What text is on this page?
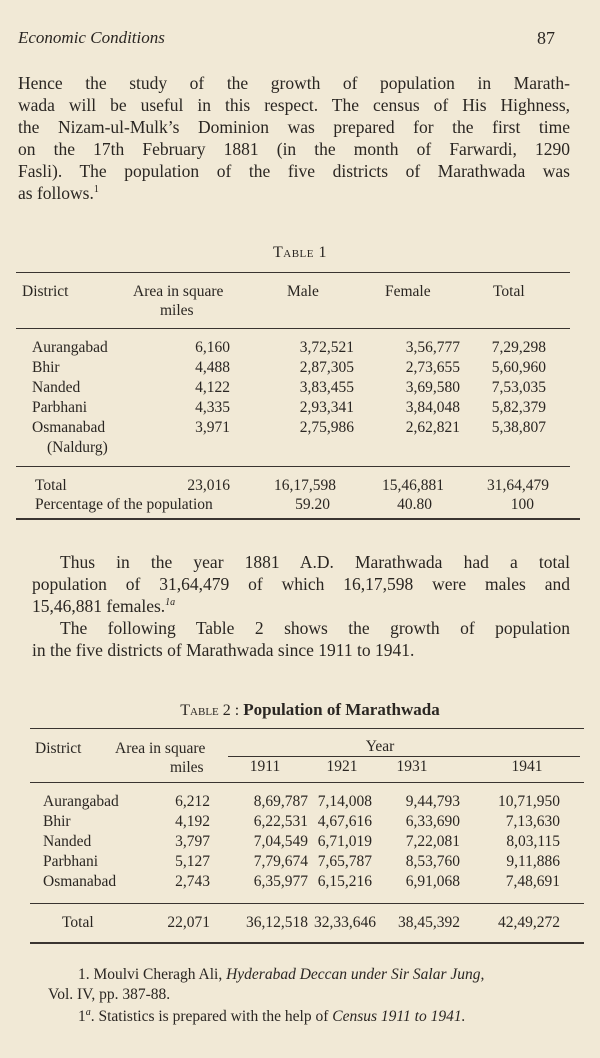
Economic Conditions	87
Hence the study of the growth of population in Marath-
wada will be useful in this respect. The census of His Highness,
the Nizam-ul-Mulk’s Dominion was prepared for the first time
on the 17th February 1881 (in the month of Farwardi, 1290
Fasli). The population of the five districts of Marathwada was
as follows.$^1$
Table 1
District	Area in square
miles
Male	Female	Total
Aurangabad	6,160	3,72,521	3,56,777	7,29,298
Bhir	4,488	2,87,305	2,73,655	5,60,960
Nanded	4,122	3,83,455	3,69,580	7,53,035
Parbhani	4,335	2,93,341	3,84,048	5,82,379
Osmanabad	3,971	2,75,986	2,62,821	5,38,807
(Naldurg)
Total	23,016	16,17,598	15,46,881	31,64,479
Percentage of the population	59.20	40.80	100
Thus in the year 1881 A.D. Marathwada had a total
population of 31,64,479 of which 16,17,598 were males and
15,46,881 females.$^{1a}$
The following Table 2 shows the growth of population
in the five districts of Marathwada since 1911 to 1941.
Table 2 : Population of Marathwada
District Area in square
miles
Year
1911	1921	1931	1941
Aurangabad	6,212	8,69,787 7,14,008	9,44,793	10,71,950
Bhir	4,192	6,22,531 4,67,616	6,33,690	7,13,630
Nanded	3,797	7,04,549 6,71,019	7,22,081	8,03,115
Parbhani	5,127	7,79,674 7,65,787	8,53,760	9,11,886
Osmanabad	2,743	6,35,977 6,15,216	6,91,068	7,48,691
Total	22,071	36,12,518 32,33,646	38,45,392	42,49,272
1. Moulvi Cheragh Ali, Hyderabad Deccan under Sir Salar Jung,
Vol. IV, pp. 387-88.
1$^a$. Statistics is prepared with the help of Census 1911 to 1941.
